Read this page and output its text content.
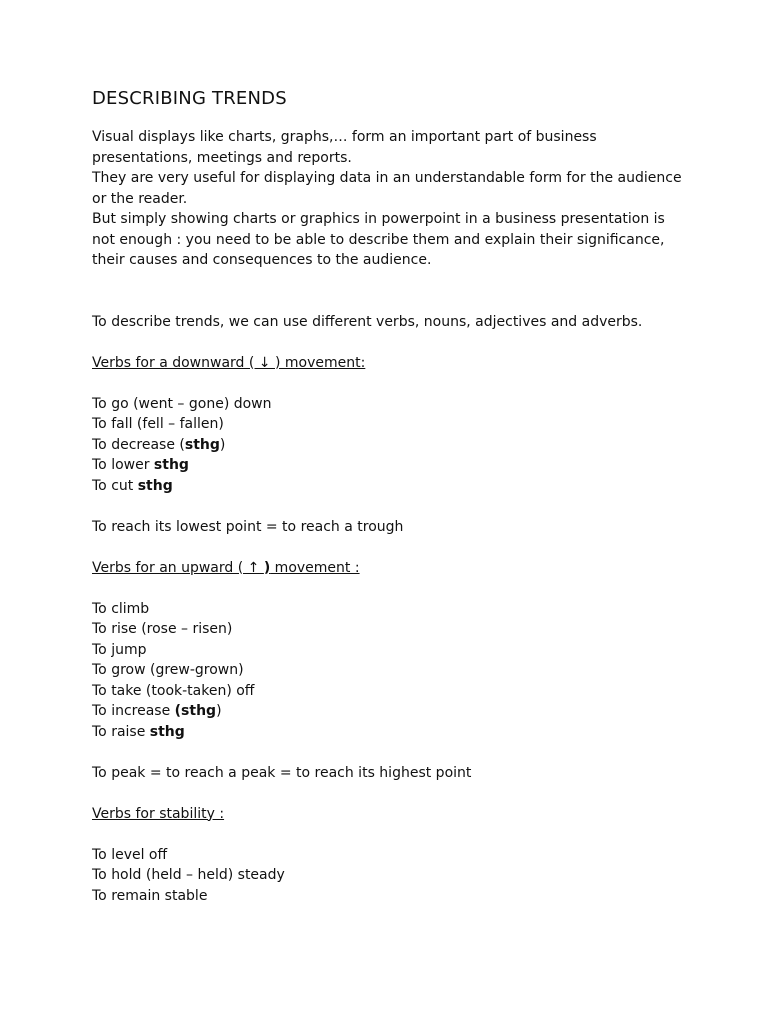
DESCRIBING TRENDS

Visual displays like charts, graphs,… form an important part of business presentations, meetings and reports.

They are very useful for displaying data in an understandable form for the audience or the reader.

But simply showing charts or graphics in powerpoint in a business presentation is not enough : you need to be able to describe them and explain their significance, their causes and consequences to the audience.

To describe trends, we can use different verbs, nouns, adjectives and adverbs.

Verbs for a downward ( ↓ ) movement:

To go (went – gone) down

To fall (fell – fallen)

To decrease (sthg)

To lower sthg

To cut sthg

To reach its lowest point = to reach a trough

Verbs for an upward ( ↑ ) movement :

To climb

To rise (rose – risen)

To jump

To grow (grew-grown)

To take (took-taken) off

To increase (sthg)

To raise sthg

To peak = to reach a peak = to reach its highest point

Verbs for stability :

To level off

To hold (held – held) steady

To remain stable
